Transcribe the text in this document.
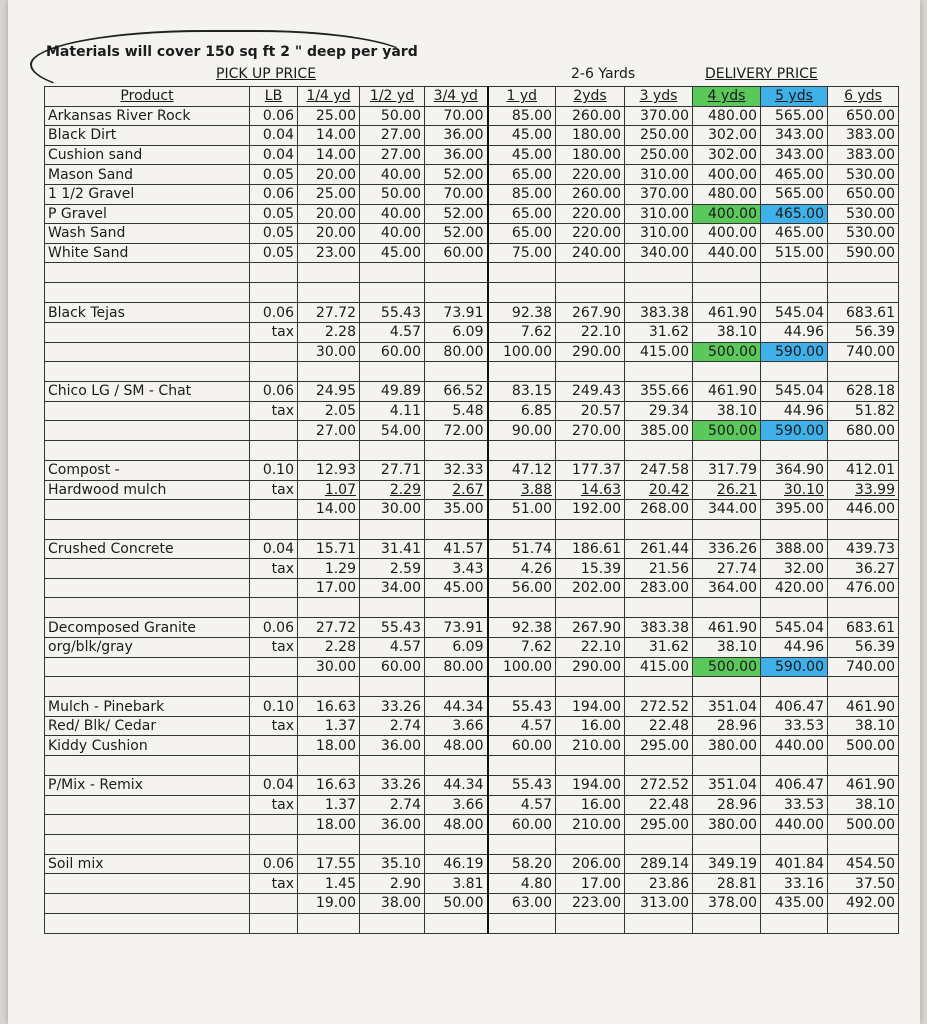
Materials will cover 150 sq ft 2 " deep per yard
PICK UP PRICE	2-6 Yards	DELIVERY PRICE
Product	LB	1/4 yd	1/2 yd	3/4 yd	1 yd	2yds	3 yds	4 yds	5 yds	6 yds
Arkansas River Rock	0.06	25.00	50.00	70.00	85.00	260.00	370.00	480.00	565.00	650.00
Black Dirt	0.04	14.00	27.00	36.00	45.00	180.00	250.00	302.00	343.00	383.00
Cushion sand	0.04	14.00	27.00	36.00	45.00	180.00	250.00	302.00	343.00	383.00
Mason Sand	0.05	20.00	40.00	52.00	65.00	220.00	310.00	400.00	465.00	530.00
1 1/2 Gravel	0.06	25.00	50.00	70.00	85.00	260.00	370.00	480.00	565.00	650.00
P Gravel	0.05	20.00	40.00	52.00	65.00	220.00	310.00	400.00	465.00	530.00
Wash Sand	0.05	20.00	40.00	52.00	65.00	220.00	310.00	400.00	465.00	530.00
White Sand	0.05	23.00	45.00	60.00	75.00	240.00	340.00	440.00	515.00	590.00

Black Tejas	0.06	27.72	55.43	73.91	92.38	267.90	383.38	461.90	545.04	683.61
	tax	2.28	4.57	6.09	7.62	22.10	31.62	38.10	44.96	56.39
		30.00	60.00	80.00	100.00	290.00	415.00	500.00	590.00	740.00

Chico LG / SM - Chat	0.06	24.95	49.89	66.52	83.15	249.43	355.66	461.90	545.04	628.18
	tax	2.05	4.11	5.48	6.85	20.57	29.34	38.10	44.96	51.82
		27.00	54.00	72.00	90.00	270.00	385.00	500.00	590.00	680.00

Compost -	0.10	12.93	27.71	32.33	47.12	177.37	247.58	317.79	364.90	412.01
Hardwood mulch	tax	1.07	2.29	2.67	3.88	14.63	20.42	26.21	30.10	33.99
		14.00	30.00	35.00	51.00	192.00	268.00	344.00	395.00	446.00

Crushed Concrete	0.04	15.71	31.41	41.57	51.74	186.61	261.44	336.26	388.00	439.73
	tax	1.29	2.59	3.43	4.26	15.39	21.56	27.74	32.00	36.27
		17.00	34.00	45.00	56.00	202.00	283.00	364.00	420.00	476.00

Decomposed Granite	0.06	27.72	55.43	73.91	92.38	267.90	383.38	461.90	545.04	683.61
org/blk/gray	tax	2.28	4.57	6.09	7.62	22.10	31.62	38.10	44.96	56.39
		30.00	60.00	80.00	100.00	290.00	415.00	500.00	590.00	740.00

Mulch - Pinebark	0.10	16.63	33.26	44.34	55.43	194.00	272.52	351.04	406.47	461.90
Red/ Blk/ Cedar	tax	1.37	2.74	3.66	4.57	16.00	22.48	28.96	33.53	38.10
Kiddy Cushion		18.00	36.00	48.00	60.00	210.00	295.00	380.00	440.00	500.00

P/Mix - Remix	0.04	16.63	33.26	44.34	55.43	194.00	272.52	351.04	406.47	461.90
	tax	1.37	2.74	3.66	4.57	16.00	22.48	28.96	33.53	38.10
		18.00	36.00	48.00	60.00	210.00	295.00	380.00	440.00	500.00

Soil mix	0.06	17.55	35.10	46.19	58.20	206.00	289.14	349.19	401.84	454.50
	tax	1.45	2.90	3.81	4.80	17.00	23.86	28.81	33.16	37.50
		19.00	38.00	50.00	63.00	223.00	313.00	378.00	435.00	492.00
